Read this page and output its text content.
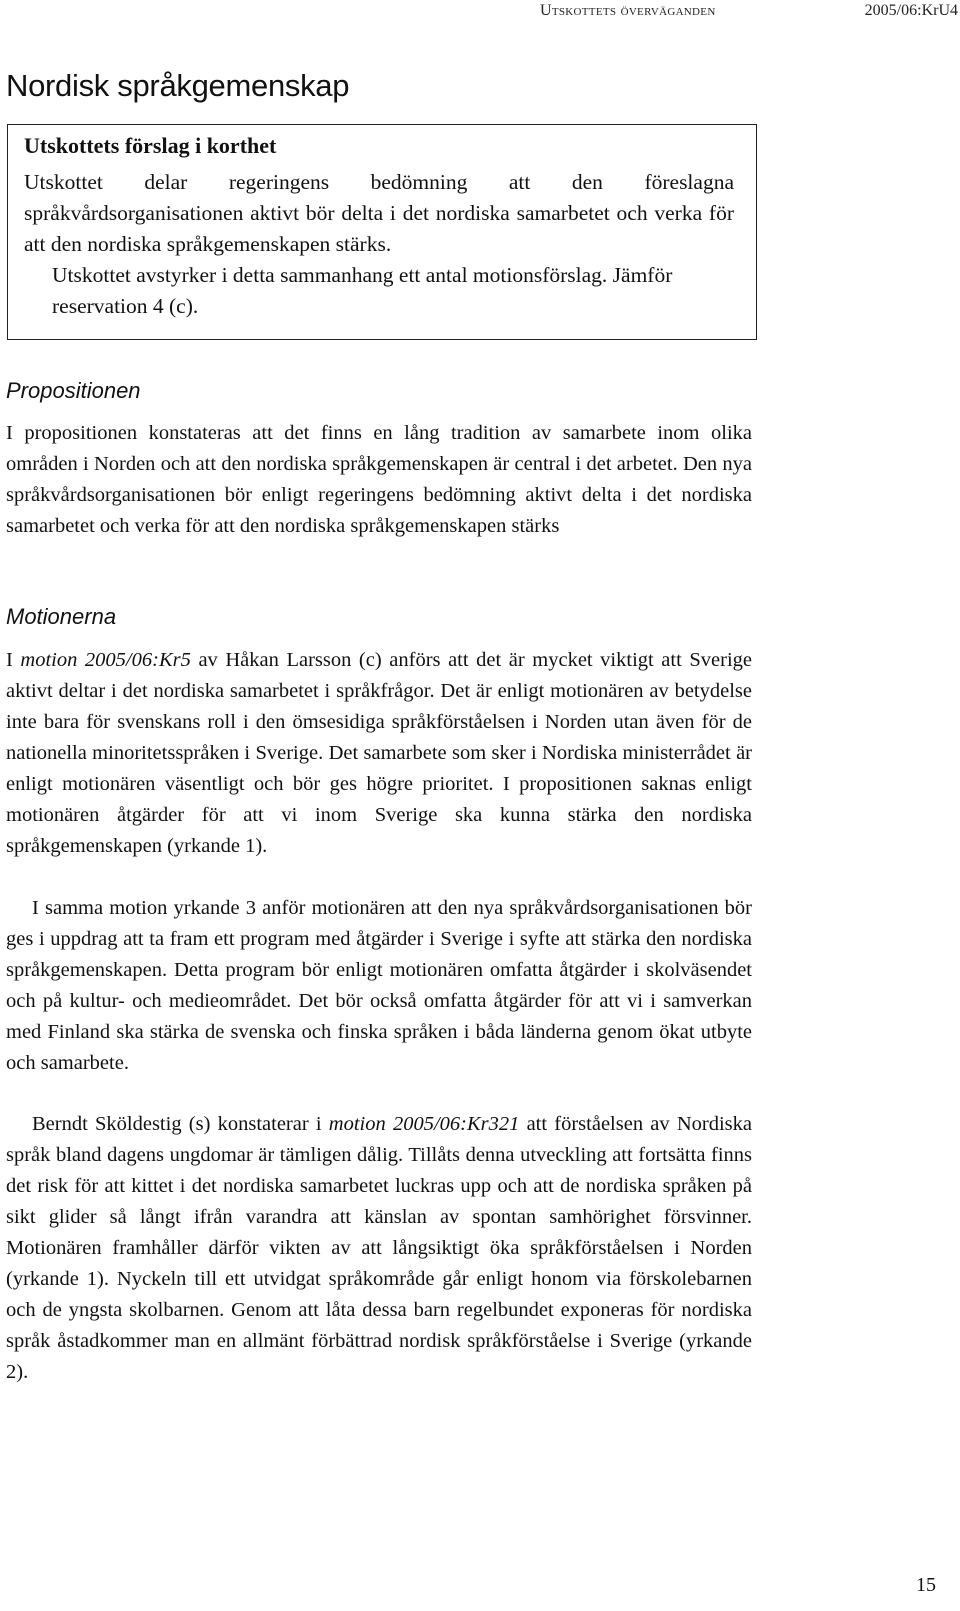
Utskottets överväganden	2005/06:KrU4
Nordisk språkgemenskap
Utskottets förslag i korthet

Utskottet delar regeringens bedömning att den föreslagna språkvårdsorganisationen aktivt bör delta i det nordiska samarbetet och verka för att den nordiska språkgemenskapen stärks.

Utskottet avstyrker i detta sammanhang ett antal motionsförslag. Jämför reservation 4 (c).

Propositionen

I propositionen konstateras att det finns en lång tradition av samarbete inom olika områden i Norden och att den nordiska språkgemenskapen är central i det arbetet. Den nya språkvårdsorganisationen bör enligt regeringens bedömning aktivt delta i det nordiska samarbetet och verka för att den nordiska språkgemenskapen stärks

Motionerna

I motion 2005/06:Kr5 av Håkan Larsson (c) anförs att det är mycket viktigt att Sverige aktivt deltar i det nordiska samarbetet i språkfrågor. Det är enligt motionären av betydelse inte bara för svenskans roll i den ömsesidiga språkförståelsen i Norden utan även för de nationella minoritetsspråken i Sverige. Det samarbete som sker i Nordiska ministerrådet är enligt motionären väsentligt och bör ges högre prioritet. I propositionen saknas enligt motionären åtgärder för att vi inom Sverige ska kunna stärka den nordiska språkgemenskapen (yrkande 1).

I samma motion yrkande 3 anför motionären att den nya språkvårdsorganisationen bör ges i uppdrag att ta fram ett program med åtgärder i Sverige i syfte att stärka den nordiska språkgemenskapen. Detta program bör enligt motionären omfatta åtgärder i skolväsendet och på kultur- och medieområdet. Det bör också omfatta åtgärder för att vi i samverkan med Finland ska stärka de svenska och finska språken i båda länderna genom ökat utbyte och samarbete.

Berndt Sköldestig (s) konstaterar i motion 2005/06:Kr321 att förståelsen av Nordiska språk bland dagens ungdomar är tämligen dålig. Tillåts denna utveckling att fortsätta finns det risk för att kittet i det nordiska samarbetet luckras upp och att de nordiska språken på sikt glider så långt ifrån varandra att känslan av spontan samhörighet försvinner. Motionären framhåller därför vikten av att långsiktigt öka språkförståelsen i Norden (yrkande 1). Nyckeln till ett utvidgat språkområde går enligt honom via förskolebarnen och de yngsta skolbarnen. Genom att låta dessa barn regelbundet exponeras för nordiska språk åstadkommer man en allmänt förbättrad nordisk språkförståelse i Sverige (yrkande 2).

15
